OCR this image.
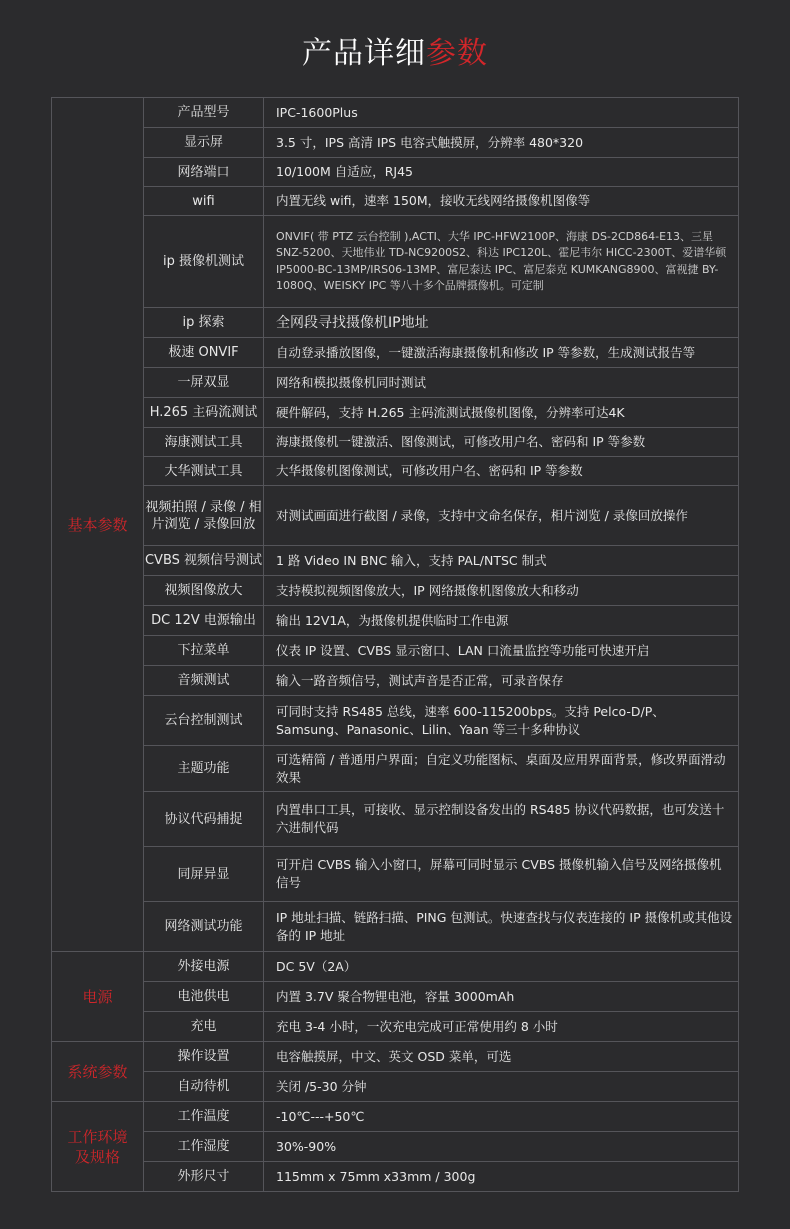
产品详细参数
基本参数	产品型号	IPC-1600Plus
	显示屏	3.5 寸，IPS 高清 IPS 电容式触摸屏，分辨率 480*320
	网络端口	10/100M 自适应，RJ45
	wifi	内置无线 wifi，速率 150M，接收无线网络摄像机图像等
	ip 摄像机测试	ONVIF( 带 PTZ 云台控制 ),ACTI、大华 IPC-HFW2100P、海康 DS-2CD864-E13、三星 SNZ-5200、天地伟业 TD-NC9200S2、科达 IPC120L、霍尼韦尔 HICC-2300T、爱谱华顿 IP5000-BC-13MP/IRS06-13MP、富尼泰达 IPC、富尼泰克 KUMKANG8900、富视捷 BY-1080Q、WEISKY IPC 等八十多个品牌摄像机。可定制
	ip 探索	全网段寻找摄像机IP地址
	极速 ONVIF	自动登录播放图像，一键激活海康摄像机和修改 IP 等参数，生成测试报告等
	一屏双显	网络和模拟摄像机同时测试
	H.265 主码流测试	硬件解码，支持 H.265 主码流测试摄像机图像，分辨率可达4K
	海康测试工具	海康摄像机一键激活、图像测试，可修改用户名、密码和 IP 等参数
	大华测试工具	大华摄像机图像测试，可修改用户名、密码和 IP 等参数
	视频拍照 / 录像 / 相片浏览 / 录像回放	对测试画面进行截图 / 录像，支持中文命名保存，相片浏览 / 录像回放操作
	CVBS 视频信号测试	1 路 Video IN BNC 输入，支持 PAL/NTSC 制式
	视频图像放大	支持模拟视频图像放大，IP 网络摄像机图像放大和移动
	DC 12V 电源输出	输出 12V1A，为摄像机提供临时工作电源
	下拉菜单	仪表 IP 设置、CVBS 显示窗口、LAN 口流量监控等功能可快速开启
	音频测试	输入一路音频信号，测试声音是否正常，可录音保存
	云台控制测试	可同时支持 RS485 总线，速率 600-115200bps。支持 Pelco-D/P、Samsung、Panasonic、Lilin、Yaan 等三十多种协议
	主题功能	可选精简 / 普通用户界面；自定义功能图标、桌面及应用界面背景，修改界面滑动效果
	协议代码捕捉	内置串口工具，可接收、显示控制设备发出的 RS485 协议代码数据，也可发送十六进制代码
	同屏异显	可开启 CVBS 输入小窗口，屏幕可同时显示 CVBS 摄像机输入信号及网络摄像机信号
	网络测试功能	IP 地址扫描、链路扫描、PING 包测试。快速查找与仪表连接的 IP 摄像机或其他设备的 IP 地址
电源	外接电源	DC 5V（2A）
	电池供电	内置 3.7V 聚合物锂电池，容量 3000mAh
	充电	充电 3-4 小时，一次充电完成可正常使用约 8 小时
系统参数	操作设置	电容触摸屏，中文、英文 OSD 菜单，可选
	自动待机	关闭 /5-30 分钟
工作环境及规格	工作温度	-10℃---+50℃
	工作湿度	30%-90%
	外形尺寸	115mm x 75mm x33mm / 300g
